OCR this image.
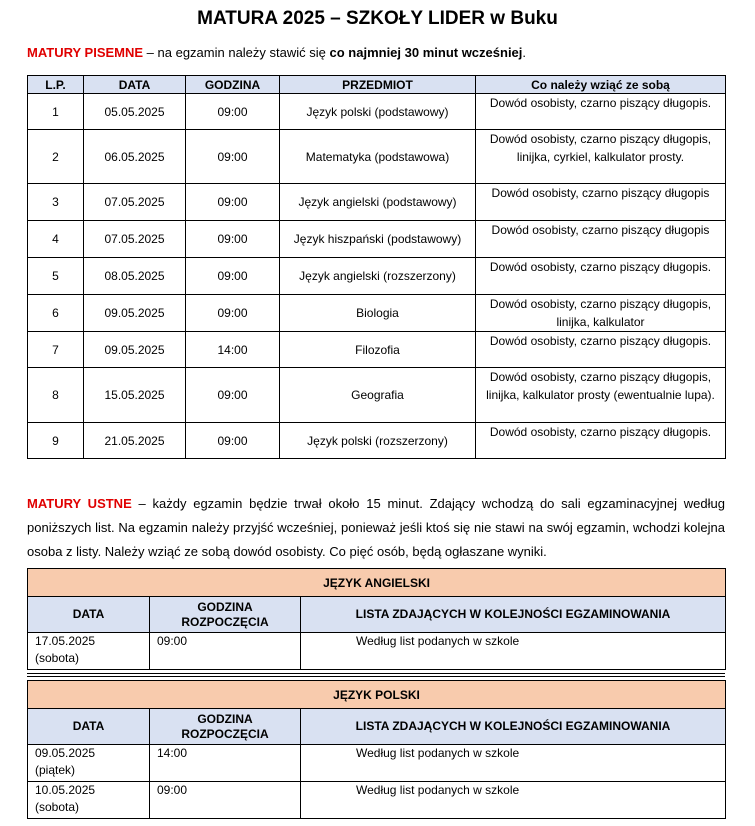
MATURA 2025 – SZKOŁY LIDER w Buku
MATURY PISEMNE – na egzamin należy stawić się co najmniej 30 minut wcześniej.
L.P.	DATA	GODZINA	PRZEDMIOT	Co należy wziąć ze sobą
1	05.05.2025	09:00	Język polski (podstawowy)	Dowód osobisty, czarno piszący długopis.
2	06.05.2025	09:00	Matematyka (podstawowa)	Dowód osobisty, czarno piszący długopis, linijka, cyrkiel, kalkulator prosty.
3	07.05.2025	09:00	Język angielski (podstawowy)	Dowód osobisty, czarno piszący długopis
4	07.05.2025	09:00	Język hiszpański (podstawowy)	Dowód osobisty, czarno piszący długopis
5	08.05.2025	09:00	Język angielski (rozszerzony)	Dowód osobisty, czarno piszący długopis.
6	09.05.2025	09:00	Biologia	Dowód osobisty, czarno piszący długopis, linijka, kalkulator
7	09.05.2025	14:00	Filozofia	Dowód osobisty, czarno piszący długopis.
8	15.05.2025	09:00	Geografia	Dowód osobisty, czarno piszący długopis, linijka, kalkulator prosty (ewentualnie lupa).
9	21.05.2025	09:00	Język polski (rozszerzony)	Dowód osobisty, czarno piszący długopis.
MATURY USTNE – każdy egzamin będzie trwał około 15 minut. Zdający wchodzą do sali egzaminacyjnej według poniższych list. Na egzamin należy przyjść wcześniej, ponieważ jeśli ktoś się nie stawi na swój egzamin, wchodzi kolejna osoba z listy. Należy wziąć ze sobą dowód osobisty. Co pięć osób, będą ogłaszane wyniki.
JĘZYK ANGIELSKI		
DATA	GODZINA ROZPOCZĘCIA	LISTA ZDAJĄCYCH W KOLEJNOŚCI EGZAMINOWANIA

17.05.2025
(sobota)	09:00	Według list podanych w szkole
JĘZYK POLSKI		
DATA	GODZINA ROZPOCZĘCIA	LISTA ZDAJĄCYCH W KOLEJNOŚCI EGZAMINOWANIA

09.05.2025
(piątek)	14:00	Według list podanych w szkole

10.05.2025
(sobota)	09:00	Według list podanych w szkole
